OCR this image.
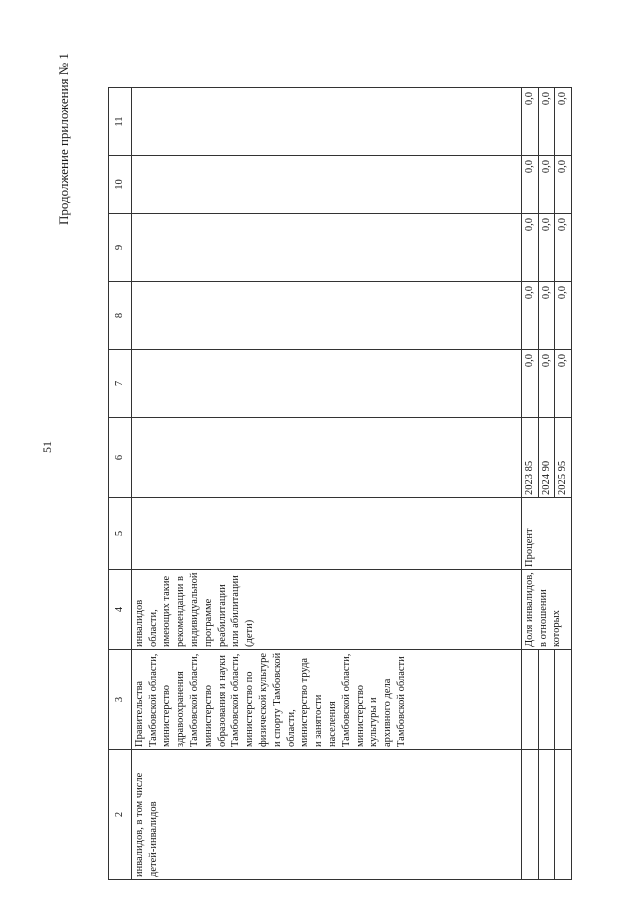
51
Продолжение приложения № 1
2	3	4	5	6	7	8	9	10	11
инвалидов, в том числе детей-инвалидов	Правительства Тамбовской области, министерство здравоохранения Тамбовской области, министерство образования и науки Тамбовской области, министерство по физической культуре и спорту Тамбовской области, министерство труда и занятости населения Тамбовской области, министерство культуры и архивного дела Тамбовской области	инвалидов области, имеющих такие рекомендации в индивидуальной программе реабилитации или абилитации (дети)							
		Доля инвалидов, в отношении которых	Процент	2023 85	0,0	0,0	0,0	0,0	0,0
				2024 90	0,0	0,0	0,0	0,0	0,0
				2025 95	0,0	0,0	0,0	0,0	0,0
